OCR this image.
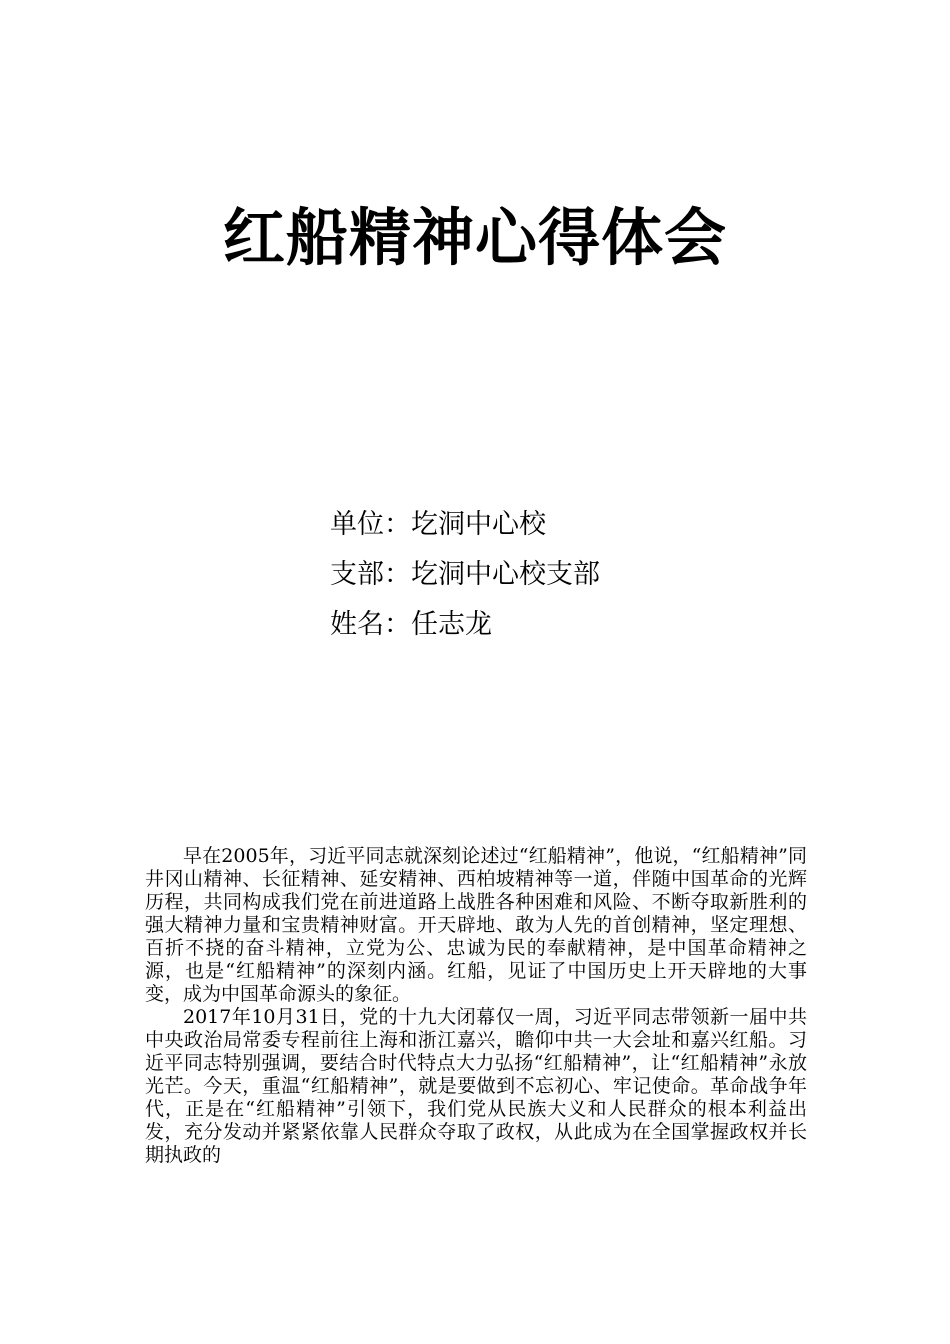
红船精神心得体会
单位：圪洞中心校
支部：圪洞中心校支部
姓名：任志龙

早在2005年，习近平同志就深刻论述过“红船精神”，他说，“红船精神”同井冈山精神、长征精神、延安精神、西柏坡精神等一道，伴随中国革命的光辉历程，共同构成我们党在前进道路上战胜各种困难和风险、不断夺取新胜利的强大精神力量和宝贵精神财富。开天辟地、敢为人先的首创精神，坚定理想、百折不挠的奋斗精神，立党为公、忠诚为民的奉献精神，是中国革命精神之源，也是“红船精神”的深刻内涵。红船，见证了中国历史上开天辟地的大事变，成为中国革命源头的象征。

2017年10月31日，党的十九大闭幕仅一周，习近平同志带领新一届中共中央政治局常委专程前往上海和浙江嘉兴，瞻仰中共一大会址和嘉兴红船。习近平同志特别强调，要结合时代特点大力弘扬“红船精神”，让“红船精神”永放光芒。今天，重温“红船精神”，就是要做到不忘初心、牢记使命。革命战争年代，正是在“红船精神”引领下，我们党从民族大义和人民群众的根本利益出发，充分发动并紧紧依靠人民群众夺取了政权，从此成为在全国掌握政权并长期执政的
